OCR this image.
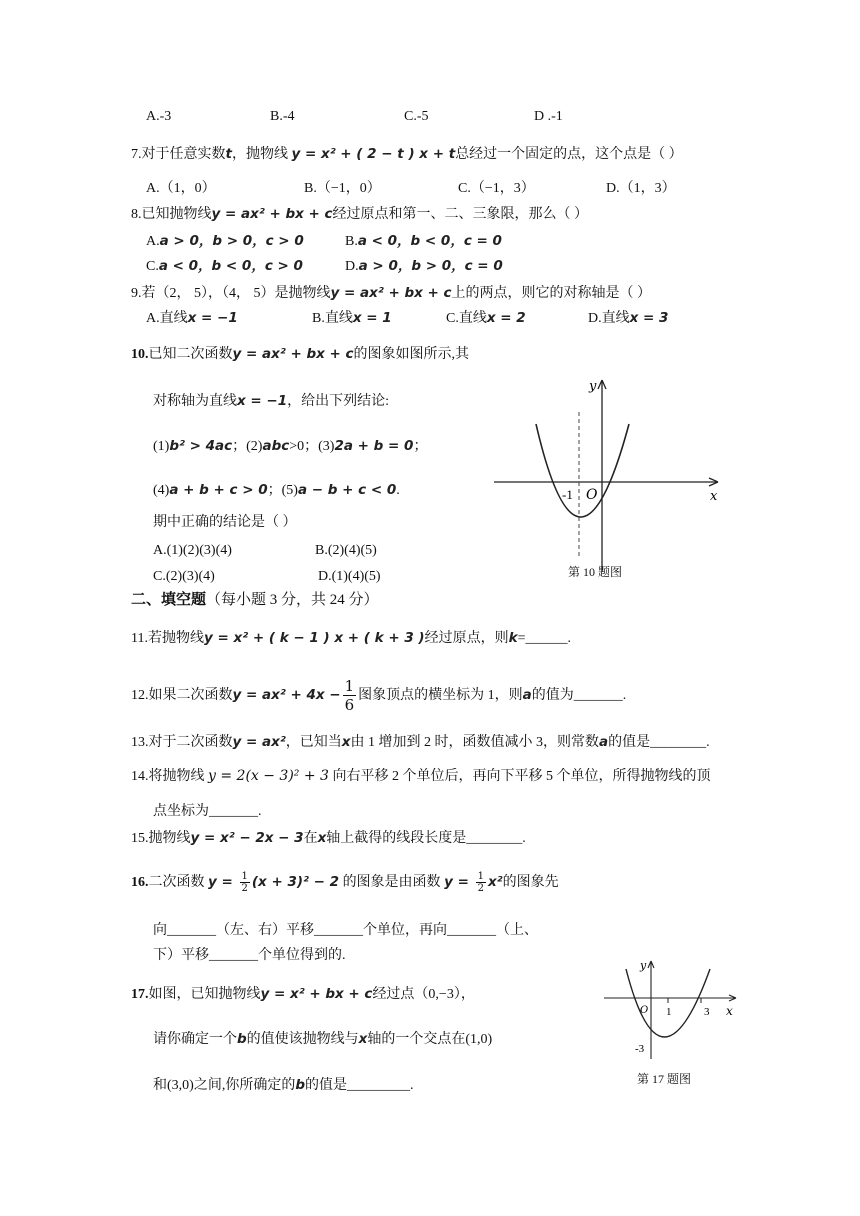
A.-3	B.-4	C.-5	D .-1
7.对于任意实数t，抛物线 y = x² + ( 2 − t ) x + t总经过一个固定的点，这个点是（ ）
A.（1，0）	B.（−1，0）	C.（−1，3）	D.（1，3）
8.已知抛物线y = ax² + bx + c经过原点和第一、二、三象限，那么（ ）
A.a > 0，b > 0，c > 0	B.a < 0，b < 0，c = 0
C.a < 0，b < 0，c > 0	D.a > 0，b > 0，c = 0
9.若（2， 5），（4， 5）是抛物线y = ax² + bx + c上的两点，则它的对称轴是（ ）
A.直线x = −1	B.直线x = 1	C.直线x = 2	D.直线x = 3
10.已知二次函数y = ax² + bx + c的图象如图所示,其
对称轴为直线x = −1，给出下列结论:
(1)b² > 4ac；(2)abc>0；(3)2a + b = 0；
(4)a + b + c > 0；(5)a − b + c < 0.
期中正确的结论是（ ）
A.(1)(2)(3)(4)	B.(2)(4)(5)
C.(2)(3)(4)	D.(1)(4)(5)
y
x
O
-1
第 10 题图
二、填空题（每小题 3 分，共 24 分）
11.若抛物线y = x² + ( k − 1 ) x + ( k + 3 )经过原点，则k=______.
12.如果二次函数$y = ax^2 + 4x - \frac{1}{6}$ 图象顶点的横坐标为 1，则a的值为_______.
13.对于二次函数y = ax²，已知当x由 1 增加到 2 时，函数值减小 3，则常数a的值是________.
14.将抛物线 y = 2(x − 3)² + 3 向右平移 2 个单位后，再向下平移 5 个单位，所得抛物线的顶
点坐标为_______.
15.抛物线y = x² − 2x − 3在x轴上截得的线段长度是________.
16.二次函数 $y = \frac{1}{2} (x + 3)^2 - 2$ 的图象是由函数 $y = \frac{1}{2} x^2$的图象先
向_______（左、右）平移_______个单位，再向_______（上、
下）平移_______个单位得到的.
17.如图，已知抛物线y = x² + bx + c经过点（0,−3），
请你确定一个b的值使该抛物线与x轴的一个交点在(1,0)
和(3,0)之间,你所确定的b的值是_________.
y
x
O 1	3
-3
第 17 题图
